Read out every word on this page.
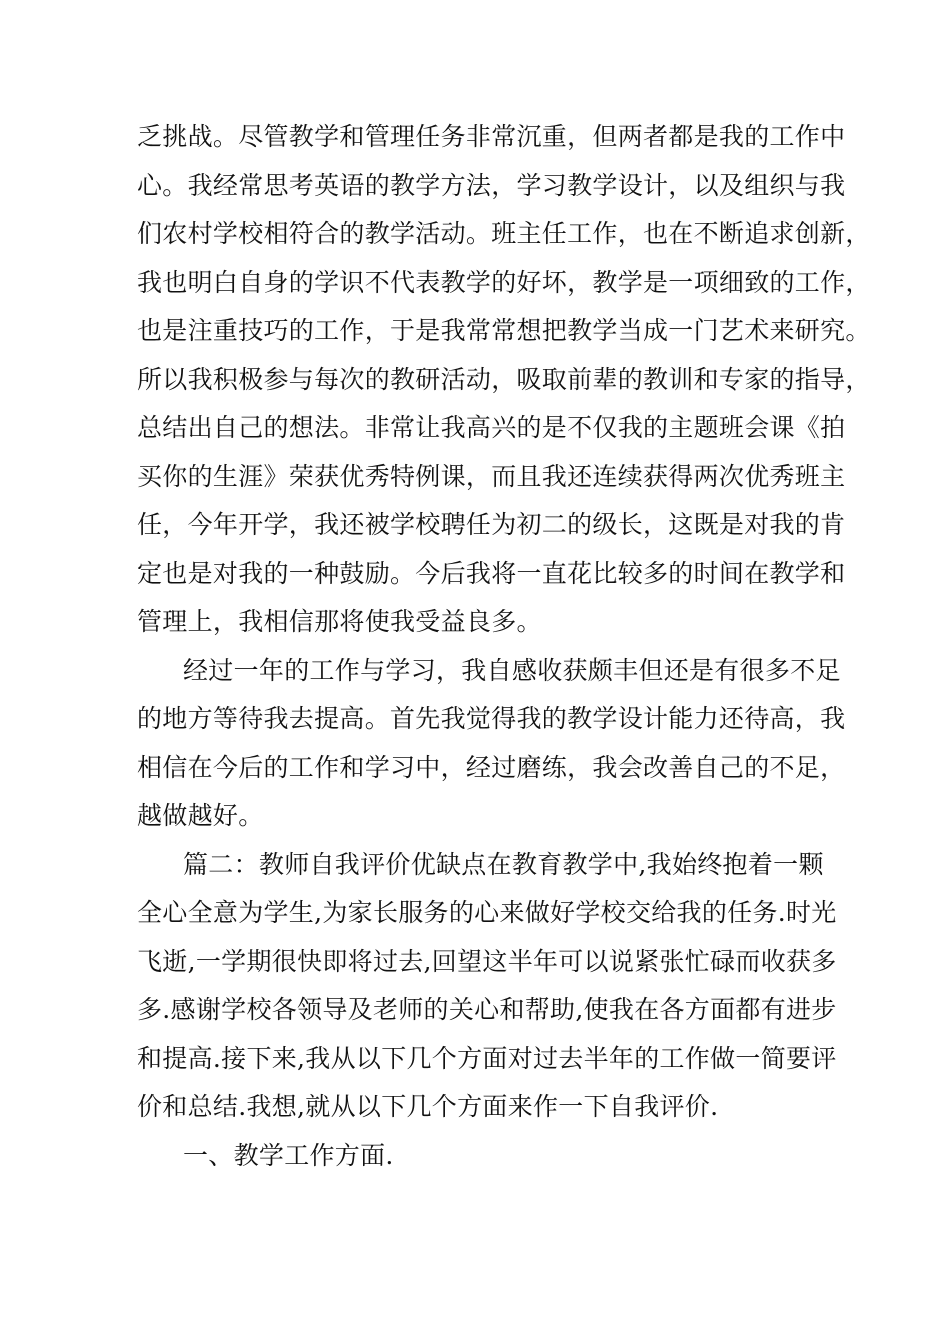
乏挑战。尽管教学和管理任务非常沉重，但两者都是我的工作中
心。我经常思考英语的教学方法，学习教学设计，以及组织与我
们农村学校相符合的教学活动。班主任工作，也在不断追求创新，
我也明白自身的学识不代表教学的好坏，教学是一项细致的工作，
也是注重技巧的工作，于是我常常想把教学当成一门艺术来研究。
所以我积极参与每次的教研活动，吸取前辈的教训和专家的指导，
总结出自己的想法。非常让我高兴的是不仅我的主题班会课《拍
买你的生涯》荣获优秀特例课，而且我还连续获得两次优秀班主
任，今年开学，我还被学校聘任为初二的级长，这既是对我的肯
定也是对我的一种鼓励。今后我将一直花比较多的时间在教学和
管理上，我相信那将使我受益良多。
经过一年的工作与学习，我自感收获颇丰但还是有很多不足
的地方等待我去提高。首先我觉得我的教学设计能力还待高，我
相信在今后的工作和学习中，经过磨练，我会改善自己的不足，
越做越好。
篇二：教师自我评价优缺点在教育教学中,我始终抱着一颗
全心全意为学生,为家长服务的心来做好学校交给我的任务.时光
飞逝,一学期很快即将过去,回望这半年可以说紧张忙碌而收获多
多.感谢学校各领导及老师的关心和帮助,使我在各方面都有进步
和提高.接下来,我从以下几个方面对过去半年的工作做一简要评
价和总结.我想,就从以下几个方面来作一下自我评价.
一、教学工作方面.
